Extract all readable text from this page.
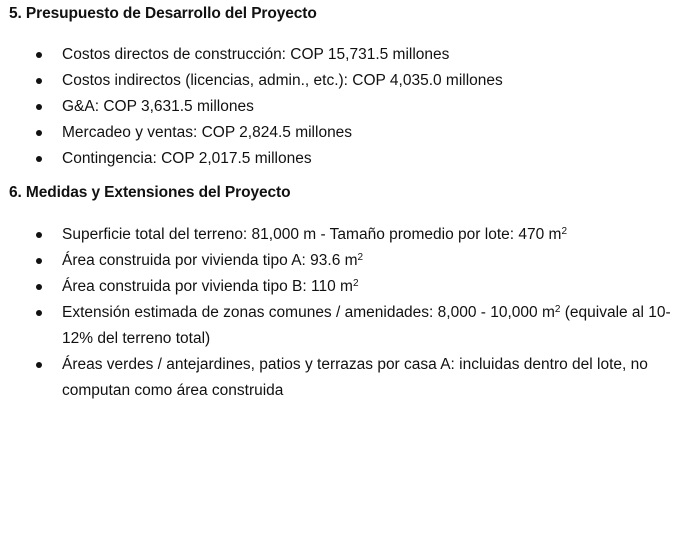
5. Presupuesto de Desarrollo del Proyecto
Costos directos de construcción: COP 15,731.5 millones
Costos indirectos (licencias, admin., etc.): COP 4,035.0 millones
G&A: COP 3,631.5 millones
Mercadeo y ventas: COP 2,824.5 millones
Contingencia: COP 2,017.5 millones
6. Medidas y Extensiones del Proyecto
Superficie total del terreno: 81,000 m - Tamaño promedio por lote: 470 $m^2$
Área construida por vivienda tipo A: 93.6 $m^2$
Área construida por vivienda tipo B: 110 $m^2$
Extensión estimada de zonas comunes / amenidades: 8,000 - 10,000 $m^2$ (equivale al 10-12% del terreno total)
Áreas verdes / antejardines, patios y terrazas por casa A: incluidas dentro del lote, no computan como área construida
